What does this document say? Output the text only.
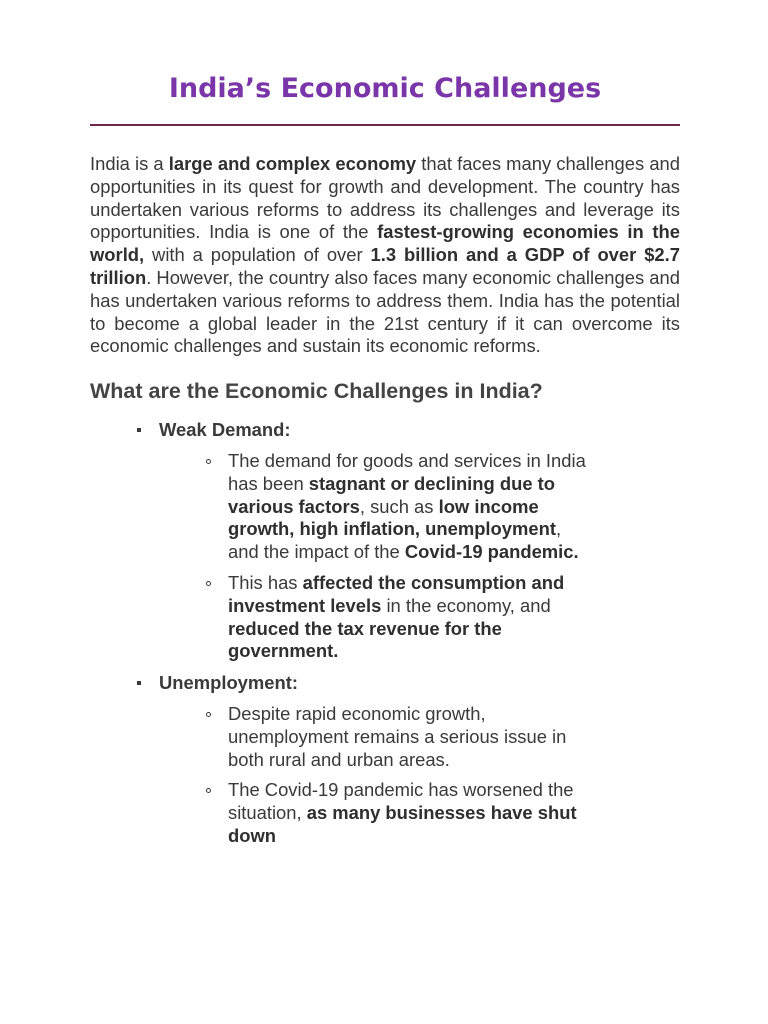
India’s Economic Challenges

India is a large and complex economy that faces many challenges and opportunities in its quest for growth and development. The country has undertaken various reforms to address its challenges and leverage its opportunities. India is one of the fastest-growing economies in the world, with a population of over 1.3 billion and a GDP of over $2.7 trillion. However, the country also faces many economic challenges and has undertaken various reforms to address them. India has the potential to become a global leader in the 21st century if it can overcome its economic challenges and sustain its economic reforms.

What are the Economic Challenges in India?
Weak Demand:
The demand for goods and services in India has been stagnant or declining due to various factors, such as low income growth, high inflation, unemployment, and the impact of the Covid-19 pandemic.
This has affected the consumption and investment levels in the economy, and reduced the tax revenue for the government.
Unemployment:
Despite rapid economic growth, unemployment remains a serious issue in both rural and urban areas.
The Covid-19 pandemic has worsened the situation, as many businesses have shut down
